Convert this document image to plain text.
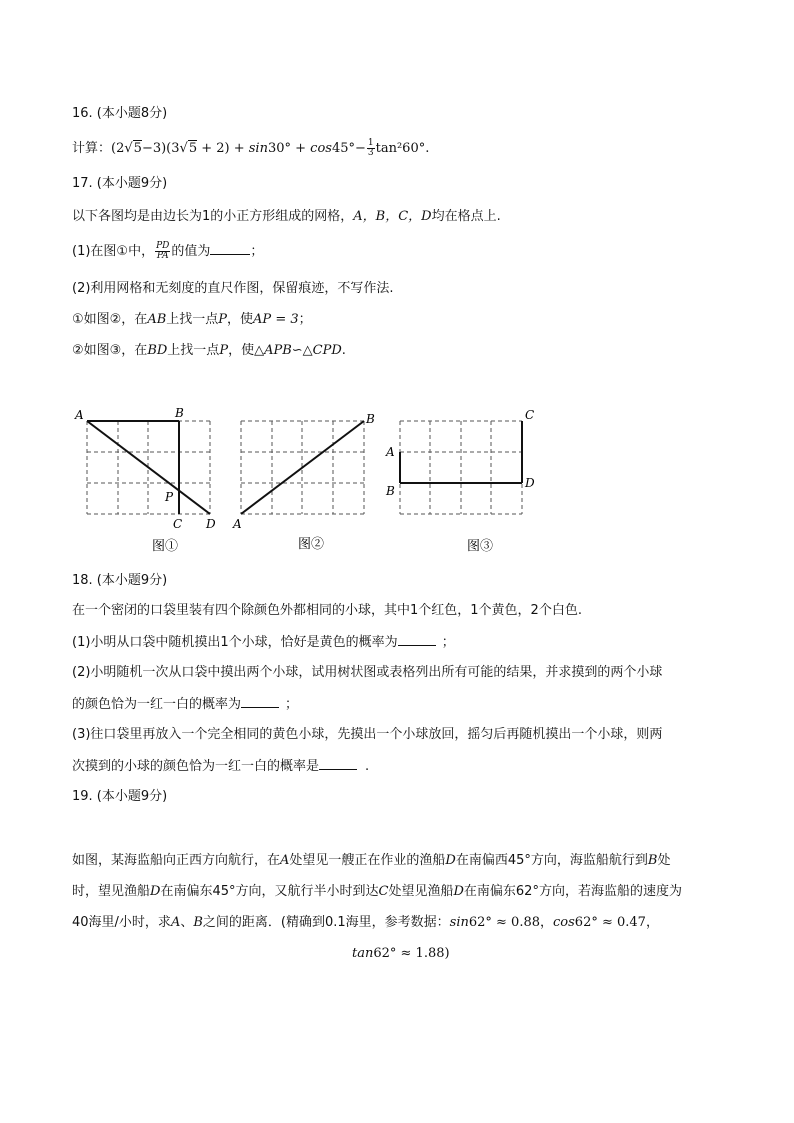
16. (本小题8分)
计算：$(2√5-3)(3√5 + 2) + \sin 30^\circ + \cos 45^\circ- \frac{1}{3} \tan^260^\circ$.
17. (本小题9分)
以下各图均是由边长为1的小正方形组成的网格，A，B，C，D均在格点上.
(1)在图①中， $\frac{PD}{PA}$ 的值为	；
(2)利用网格和无刻度的直尺作图，保留痕迹，不写作法.
①如图②，在AB上找一点P，使AP = 3；
②如图③，在BD上找一点P，使△APB∽△CPD.
A	B
C D
P
图①
A
B
图②
A
B
C
D
图③
18. (本小题9分)
在一个密闭的口袋里装有四个除颜色外都相同的小球，其中1个红色，1个黄色，2个白色.
(1)小明从口袋中随机摸出1个小球，恰好是黄色的概率为	；
(2)小明随机一次从口袋中摸出两个小球，试用树状图或表格列出所有可能的结果，并求摸到的两个小球
的颜色恰为一红一白的概率为	；
(3)往口袋里再放入一个完全相同的黄色小球，先摸出一个小球放回，摇匀后再随机摸出一个小球，则两
次摸到的小球的颜色恰为一红一白的概率是	.
19. (本小题9分)
如图，某海监船向正西方向航行，在A处望见一艘正在作业的渔船D在南偏西45°方向，海监船航行到B处
时，望见渔船D在南偏东45°方向，又航行半小时到达C处望见渔船D在南偏东62°方向，若海监船的速度为
40海里/小时，求A、B之间的距离．(精确到0.1海里，参考数据：sin62° ≈ 0.88，cos62° ≈ 0.47，
tan62° ≈ 1.88)
